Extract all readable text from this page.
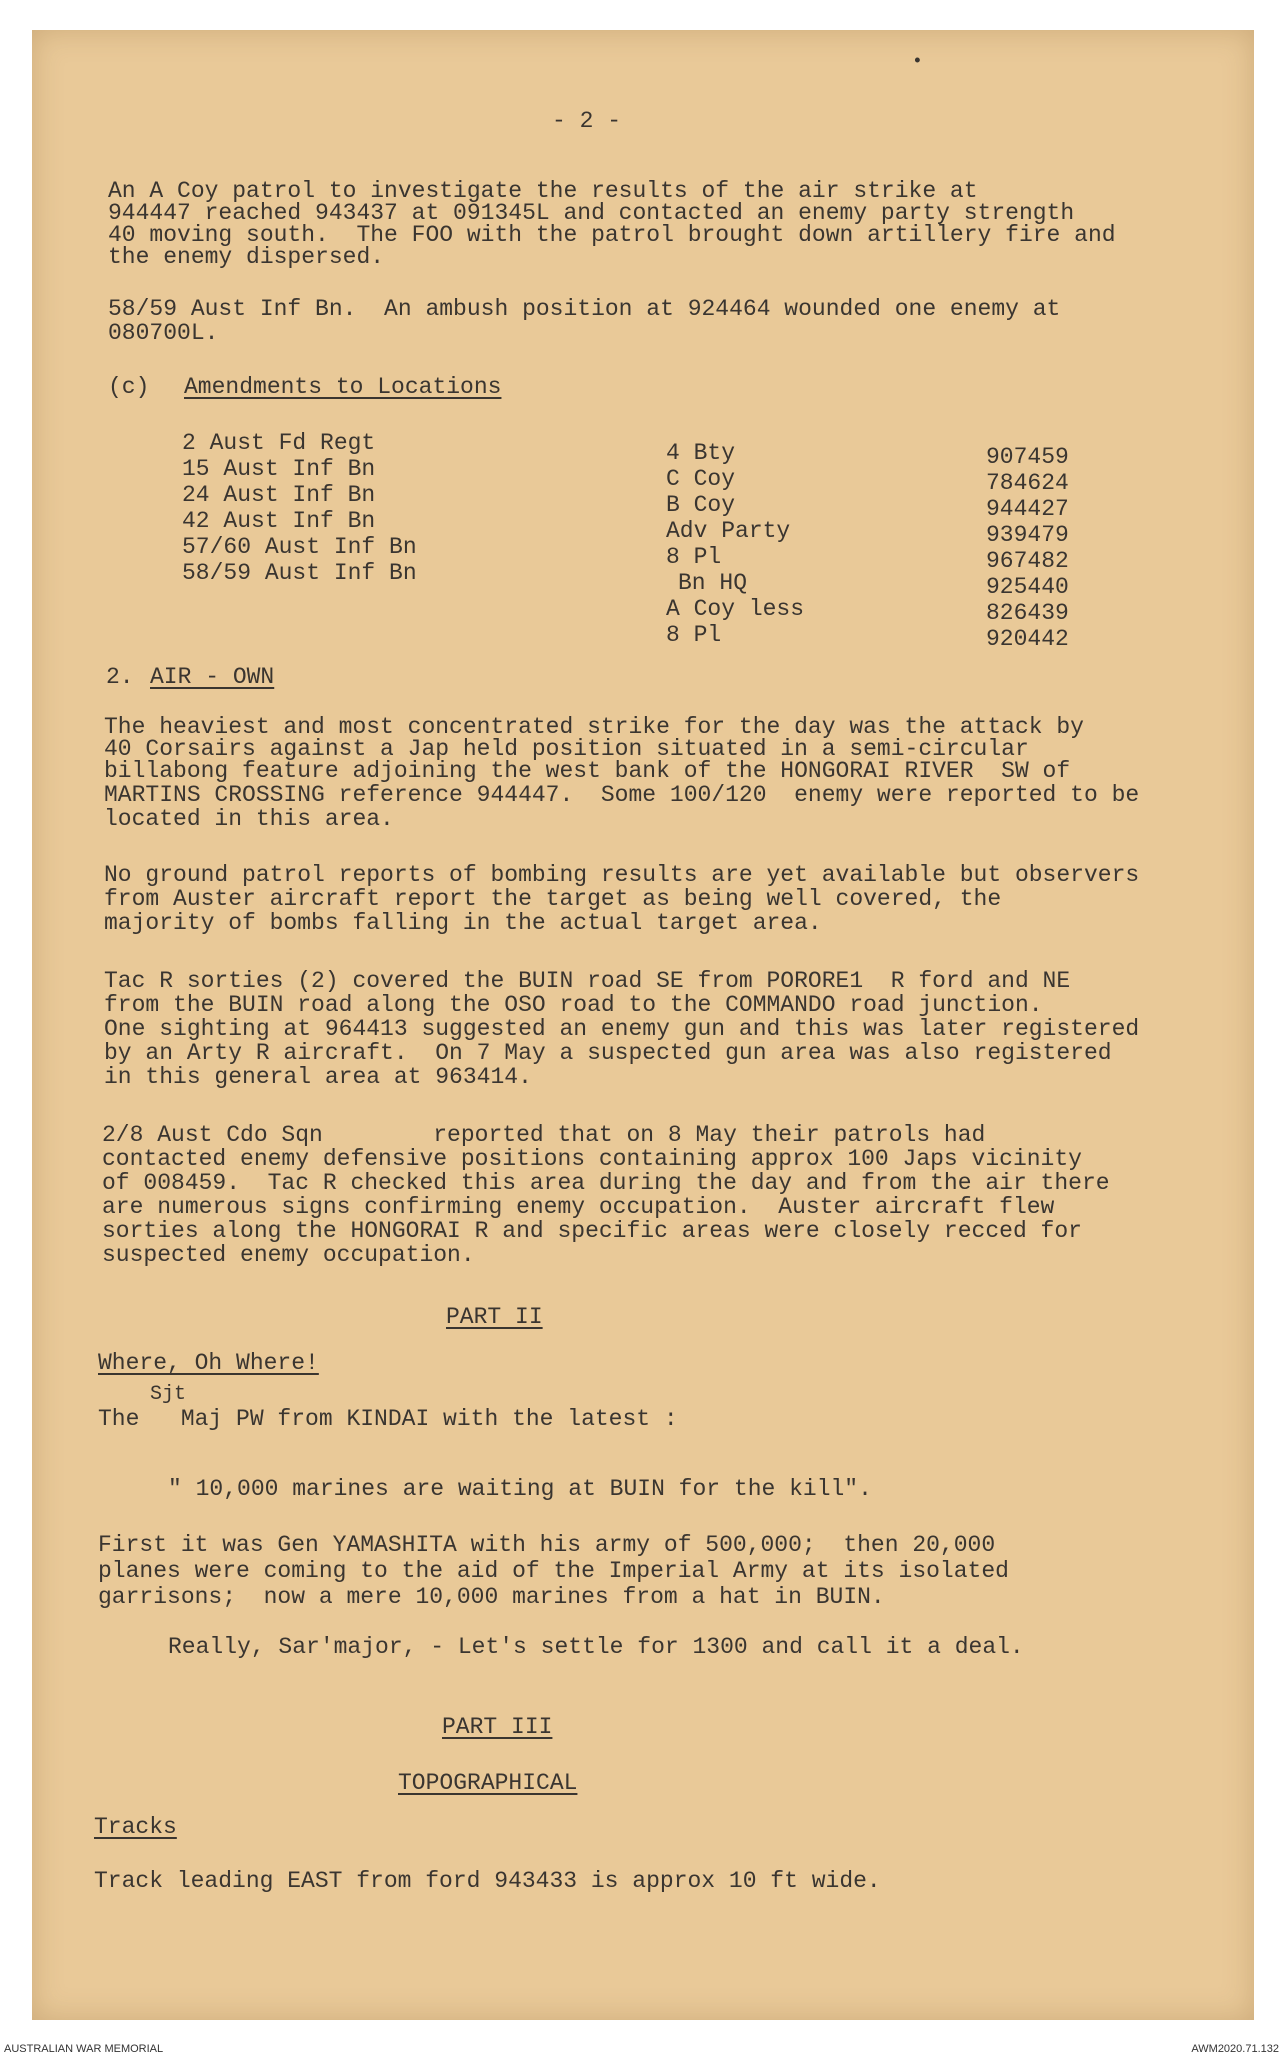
- 2 -
•
An A Coy patrol to investigate the results of the air strike at
944447 reached 943437 at 091345L and contacted an enemy party strength
40 moving south.  The FOO with the patrol brought down artillery fire and
the enemy dispersed.
58/59 Aust Inf Bn.  An ambush position at 924464 wounded one enemy at
080700L.
(c) Amendments to Locations
2 Aust Fd Regt
15 Aust Inf Bn
24 Aust Inf Bn
42 Aust Inf Bn
57/60 Aust Inf Bn
58/59 Aust Inf Bn
4 Bty
C Coy
B Coy
Adv Party
8 Pl
Bn HQ
A Coy less
8 Pl
907459
784624
944427
939479
967482
925440
826439
920442
2. AIR - OWN
The heaviest and most concentrated strike for the day was the attack by
40 Corsairs against a Jap held position situated in a semi-circular
billabong feature adjoining the west bank of the HONGORAI RIVER  SW of
MARTINS CROSSING reference 944447.  Some 100/120  enemy were reported to be
located in this area.
No ground patrol reports of bombing results are yet available but observers
from Auster aircraft report the target as being well covered, the
majority of bombs falling in the actual target area.
Tac R sorties (2) covered the BUIN road SE from PORORE1  R ford and NE
from the BUIN road along the OSO road to the COMMANDO road junction.
One sighting at 964413 suggested an enemy gun and this was later registered
by an Arty R aircraft.  On 7 May a suspected gun area was also registered
in this general area at 963414.
2/8 Aust Cdo Sqn        reported that on 8 May their patrols had
contacted enemy defensive positions containing approx 100 Japs vicinity
of 008459.  Tac R checked this area during the day and from the air there
are numerous signs confirming enemy occupation.  Auster aircraft flew
sorties along the HONGORAI R and specific areas were closely recced for
suspected enemy occupation.
PART II
Where, Oh Where!
Sjt
The   Maj PW from KINDAI with the latest :
" 10,000 marines are waiting at BUIN for the kill".
First it was Gen YAMASHITA with his army of 500,000;  then 20,000
planes were coming to the aid of the Imperial Army at its isolated
garrisons;  now a mere 10,000 marines from a hat in BUIN.
Really, Sar'major, - Let's settle for 1300 and call it a deal.
PART III
TOPOGRAPHICAL
Tracks
Track leading EAST from ford 943433 is approx 10 ft wide.
AUSTRALIAN WAR MEMORIAL	AWM2020.71.132
